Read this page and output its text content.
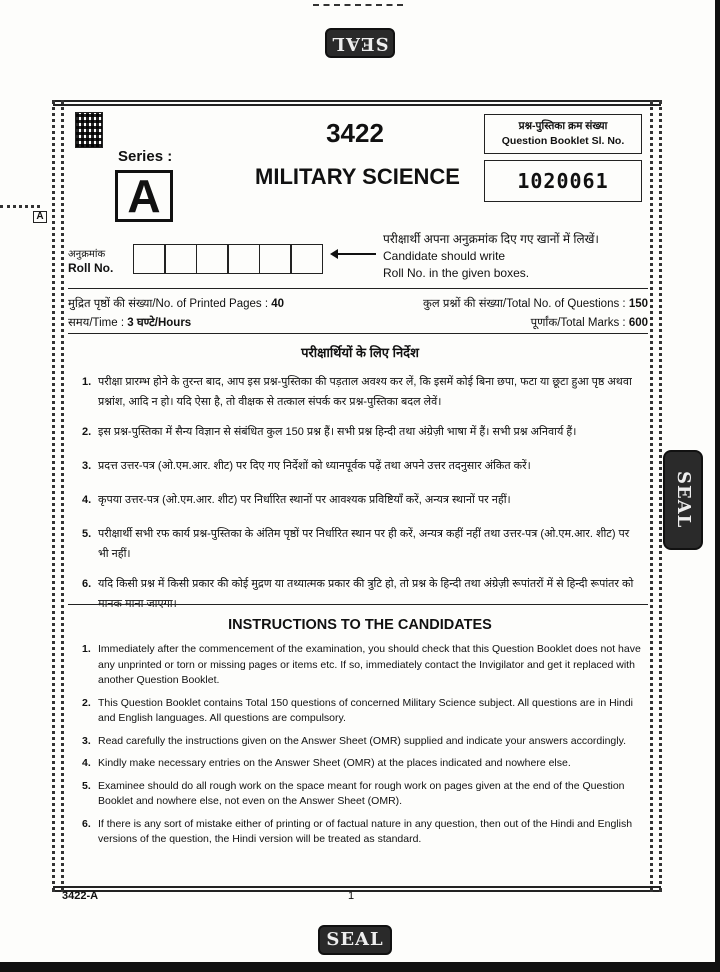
SEAL
Series :
A
3422
MILITARY SCIENCE
प्रश्न-पुस्तिका क्रम संख्या
Question Booklet Sl. No.
1020061
A
अनुक्रमांक
Roll No.
परीक्षार्थी अपना अनुक्रमांक दिए गए खानों में लिखें।
Candidate should write
Roll No. in the given boxes.
मुद्रित पृष्ठों की संख्या/No. of Printed Pages : 40	कुल प्रश्नों की संख्या/Total No. of Questions : 150
समय/Time : 3 घण्टे/Hours	पूर्णांक/Total Marks : 600
परीक्षार्थियों के लिए निर्देश
1. परीक्षा प्रारम्भ होने के तुरन्त बाद, आप इस प्रश्न-पुस्तिका की पड़ताल अवश्य कर लें, कि इसमें कोई बिना छपा, फटा या छूटा हुआ पृष्ठ अथवा प्रश्नांश, आदि न हो। यदि ऐसा है, तो वीक्षक से तत्काल संपर्क कर प्रश्न-पुस्तिका बदल लेवें।
2. इस प्रश्न-पुस्तिका में सैन्य विज्ञान से संबंधित कुल 150 प्रश्न हैं। सभी प्रश्न हिन्दी तथा अंग्रेज़ी भाषा में हैं। सभी प्रश्न अनिवार्य हैं।
3. प्रदत्त उत्तर-पत्र (ओ.एम.आर. शीट) पर दिए गए निर्देशों को ध्यानपूर्वक पढ़ें तथा अपने उत्तर तदनुसार अंकित करें।
4. कृपया उत्तर-पत्र (ओ.एम.आर. शीट) पर निर्धारित स्थानों पर आवश्यक प्रविष्टियाँ करें, अन्यत्र स्थानों पर नहीं।
5. परीक्षार्थी सभी रफ कार्य प्रश्न-पुस्तिका के अंतिम पृष्ठों पर निर्धारित स्थान पर ही करें, अन्यत्र कहीं नहीं तथा उत्तर-पत्र (ओ.एम.आर. शीट) पर भी नहीं।
6. यदि किसी प्रश्न में किसी प्रकार की कोई मुद्रण या तथ्यात्मक प्रकार की त्रुटि हो, तो प्रश्न के हिन्दी तथा अंग्रेज़ी रूपांतरों में से हिन्दी रूपांतर को मानक माना जाएगा।
INSTRUCTIONS TO THE CANDIDATES
1. Immediately after the commencement of the examination, you should check that this Question Booklet does not have any unprinted or torn or missing pages or items etc. If so, immediately contact the Invigilator and get it replaced with another Question Booklet.
2. This Question Booklet contains Total 150 questions of concerned Military Science subject. All questions are in Hindi and English languages. All questions are compulsory.
3. Read carefully the instructions given on the Answer Sheet (OMR) supplied and indicate your answers accordingly.
4. Kindly make necessary entries on the Answer Sheet (OMR) at the places indicated and nowhere else.
5. Examinee should do all rough work on the space meant for rough work on pages given at the end of the Question Booklet and nowhere else, not even on the Answer Sheet (OMR).
6. If there is any sort of mistake either of printing or of factual nature in any question, then out of the Hindi and English versions of the question, the Hindi version will be treated as standard.
SEAL
3422-A	1
SEAL
